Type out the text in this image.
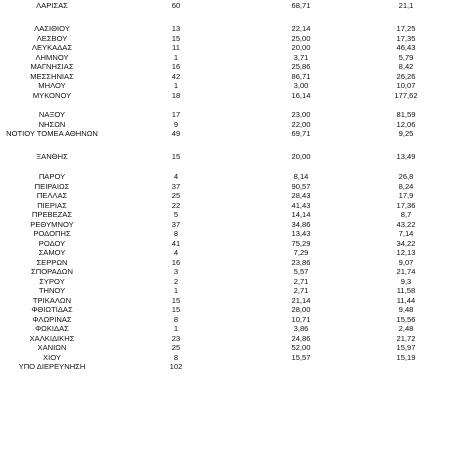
ΛΑΡΙΣΑΣ	60	68,71	21,1
ΛΑΣΙΘΙΟΥ	13	22,14	17,25
ΛΕΣΒΟΥ	15	25,00	17,35
ΛΕΥΚΑΔΑΣ	11	20,00	46,43
ΛΗΜΝΟΥ	1	3,71	5,79
ΜΑΓΝΗΣΙΑΣ	16	25,86	8,42
ΜΕΣΣΗΝΙΑΣ	42	86,71	26,26
ΜΗΛΟΥ	1	3,00	10,07
ΜΥΚΟΝΟΥ	18	16,14	177,62
ΝΑΞΟΥ	17	23,00	81,59
ΝΗΣΩΝ	9	22,00	12,06
ΝΟΤΙΟΥ ΤΟΜΕΑ ΑΘΗΝΩΝ	49	69,71	9,25
ΞΑΝΘΗΣ	15	20,00	13,49
ΠΑΡΟΥ	4	8,14	26,8
ΠΕΙΡΑΙΩΣ	37	90,57	8,24
ΠΕΛΛΑΣ	25	28,43	17,9
ΠΙΕΡΙΑΣ	22	41,43	17,36
ΠΡΕΒΕΖΑΣ	5	14,14	8,7
ΡΕΘΥΜΝΟΥ	37	34,86	43,22
ΡΟΔΟΠΗΣ	8	13,43	7,14
ΡΟΔΟΥ	41	75,29	34,22
ΣΑΜΟΥ	4	7,29	12,13
ΣΕΡΡΩΝ	16	23,86	9,07
ΣΠΟΡΑΔΩΝ	3	5,57	21,74
ΣΥΡΟΥ	2	2,71	9,3
ΤΗΝΟΥ	1	2,71	11,58
ΤΡΙΚΑΛΩΝ	15	21,14	11,44
ΦΘΙΩΤΙΔΑΣ	15	28,00	9,48
ΦΛΩΡΙΝΑΣ	8	10,71	15,56
ΦΩΚΙΔΑΣ	1	3,86	2,48
ΧΑΛΚΙΔΙΚΗΣ	23	24,86	21,72
ΧΑΝΙΩΝ	25	52,00	15,97
ΧΙΟΥ	8	15,57	15,19
ΥΠΟ ΔΙΕΡΕΥΝΗΣΗ	102
